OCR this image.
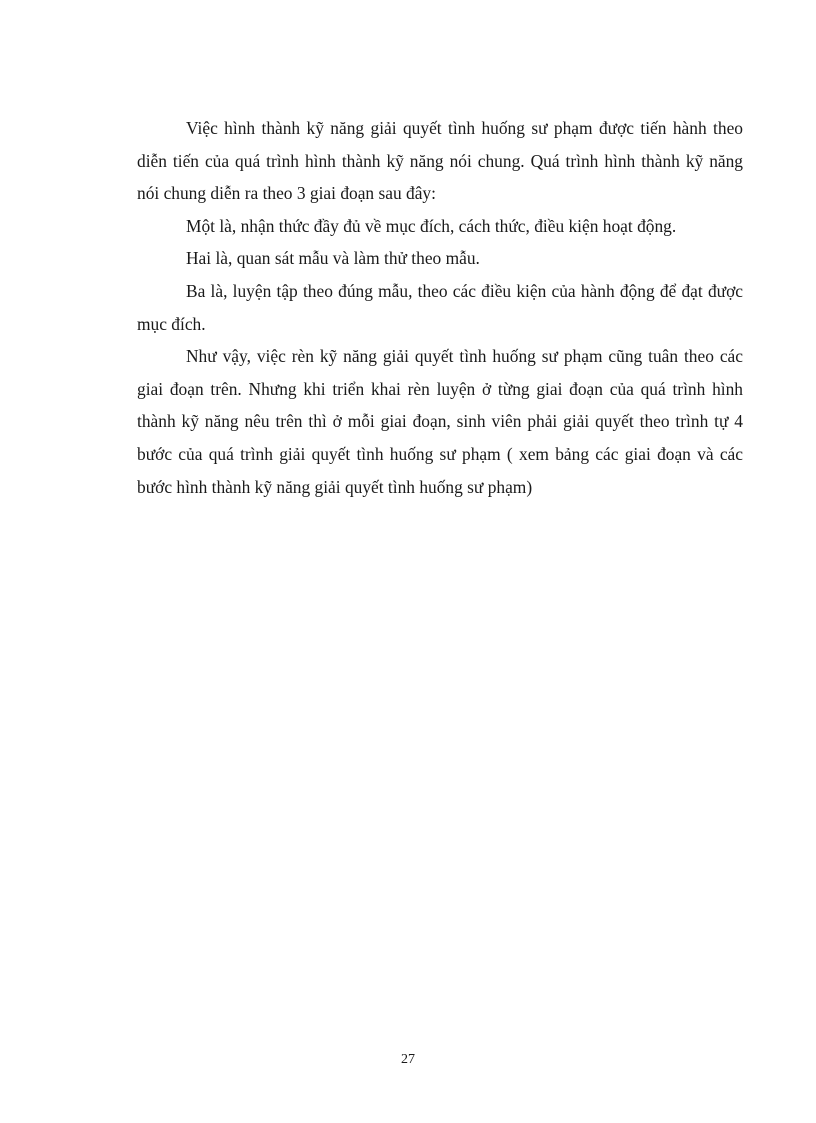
Việc hình thành kỹ năng giải quyết tình huống sư phạm được tiến hành theo diễn tiến của quá trình hình thành kỹ năng nói chung. Quá trình hình thành kỹ năng nói chung diễn ra theo 3 giai đoạn sau đây:

Một là, nhận thức đầy đủ về mục đích, cách thức, điều kiện hoạt động.

Hai là, quan sát mẫu và làm thử theo mẫu.

Ba là, luyện tập theo đúng mẫu, theo các điều kiện của hành động để đạt được mục đích.

Như vậy, việc rèn kỹ năng giải quyết tình huống sư phạm cũng tuân theo các giai đoạn trên. Nhưng khi triển khai rèn luyện ở từng giai đoạn của quá trình hình thành kỹ năng nêu trên thì ở mỗi giai đoạn, sinh viên phải giải quyết theo trình tự 4 bước của quá trình giải quyết tình huống sư phạm ( xem bảng các giai đoạn và các bước hình thành kỹ năng giải quyết tình huống sư phạm)

27
